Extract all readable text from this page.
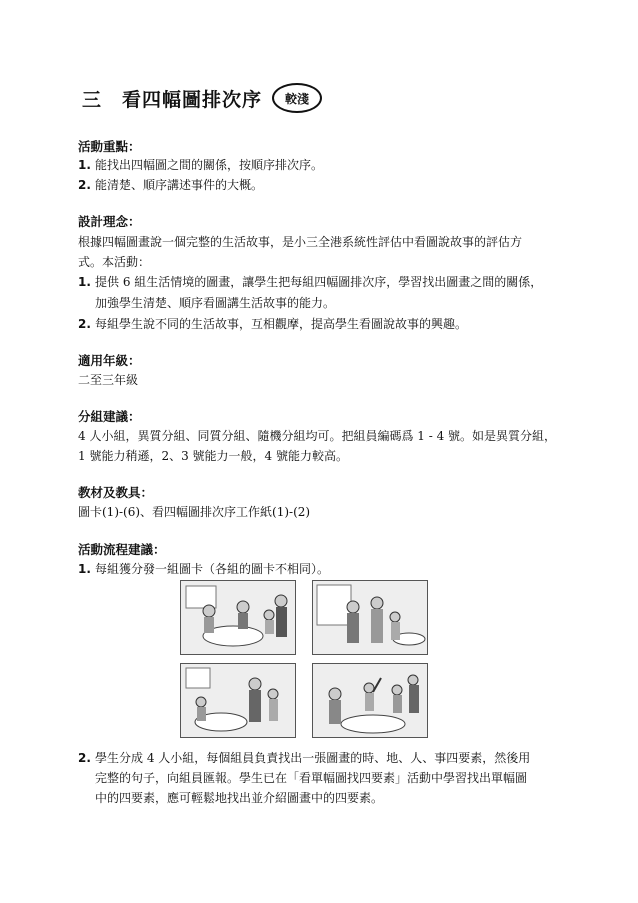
三　看四幅圖排次序	較淺
活動重點：
1. 能找出四幅圖之間的關係，按順序排次序。
2. 能清楚、順序講述事件的大概。
設計理念：
根據四幅圖畫說一個完整的生活故事，是小三全港系統性評估中看圖說故事的評估方
式。本活動：
1. 提供 6 組生活情境的圖畫，讓學生把每組四幅圖排次序，學習找出圖畫之間的關係，
加強學生清楚、順序看圖講生活故事的能力。
2. 每組學生說不同的生活故事，互相觀摩，提高學生看圖說故事的興趣。
適用年級：
二至三年級
分組建議：
4 人小組，異質分組、同質分組、隨機分組均可。把組員編碼爲 1 - 4 號。如是異質分組，
1 號能力稍遜，2、3 號能力一般，4 號能力較高。
教材及教具：
圖卡(1)-(6)、看四幅圖排次序工作紙(1)-(2)
活動流程建議：
1. 每組獲分發一組圖卡（各組的圖卡不相同）。
2. 學生分成 4 人小組，每個組員負責找出一張圖畫的時、地、人、事四要素，然後用
完整的句子，向組員匯報。學生已在「看單幅圖找四要素」活動中學習找出單幅圖
中的四要素，應可輕鬆地找出並介紹圖畫中的四要素。
